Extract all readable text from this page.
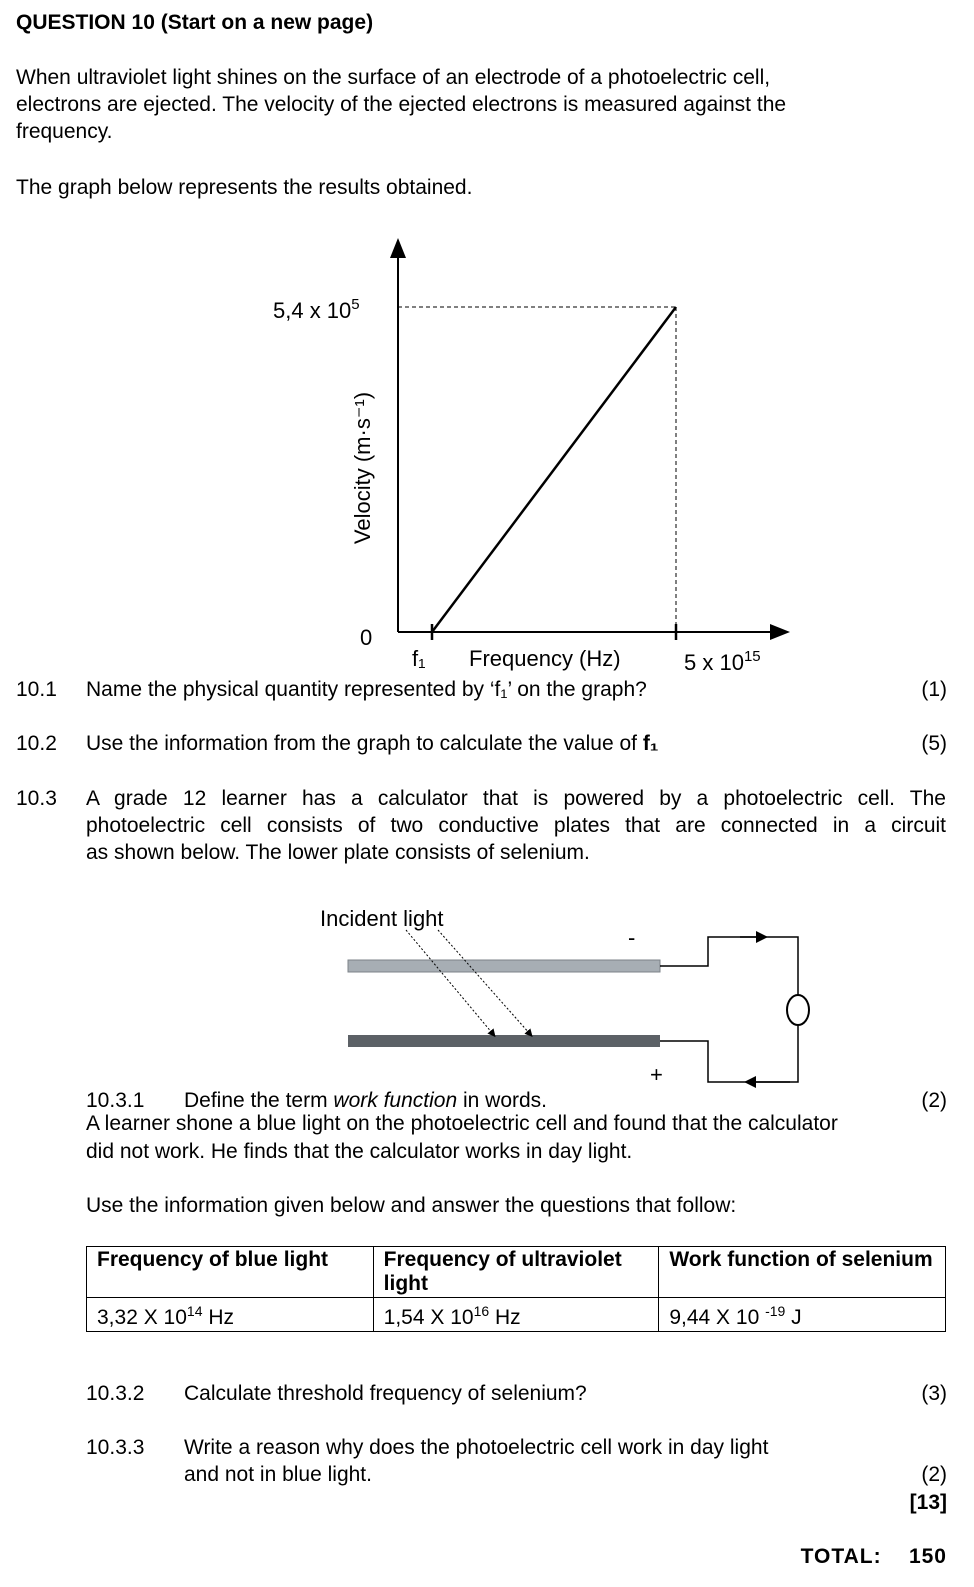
QUESTION 10 (Start on a new page)
When ultraviolet light shines on the surface of an electrode of a photoelectric cell,
electrons are ejected. The velocity of the ejected electrons is measured against the
frequency.
The graph below represents the results obtained.
5,4 x $10^5$
0
Velocity (m·s⁻¹)
f₁ Frequency (Hz)	5 x $10^{15}$
10.1 Name the physical quantity represented by ‘f₁’ on the graph?	(1)
10.2 Use the information from the graph to calculate the value of f₁	(5)
10.3 A grade 12 learner has a calculator that is powered by a photoelectric cell. The
photoelectric cell consists of two conductive plates that are connected in a circuit
as shown below. The lower plate consists of selenium.
Incident light
-
+
10.3.1 Define the term work function in words.	(2)
A learner shone a blue light on the photoelectric cell and found that the calculator
did not work. He finds that the calculator works in day light.
Use the information given below and answer the questions that follow:
Frequency of blue light	Frequency of ultraviolet light	Work function of selenium
3,32 X $10^{14}$ Hz	1,54 X $10^{16}$ Hz	9,44 X 10 $^{-19}$ J
10.3.2 Calculate threshold frequency of selenium?	(3)
10.3.3 Write a reason why does the photoelectric cell work in day light
and not in blue light.	(2)
[13]
TOTAL: 150
